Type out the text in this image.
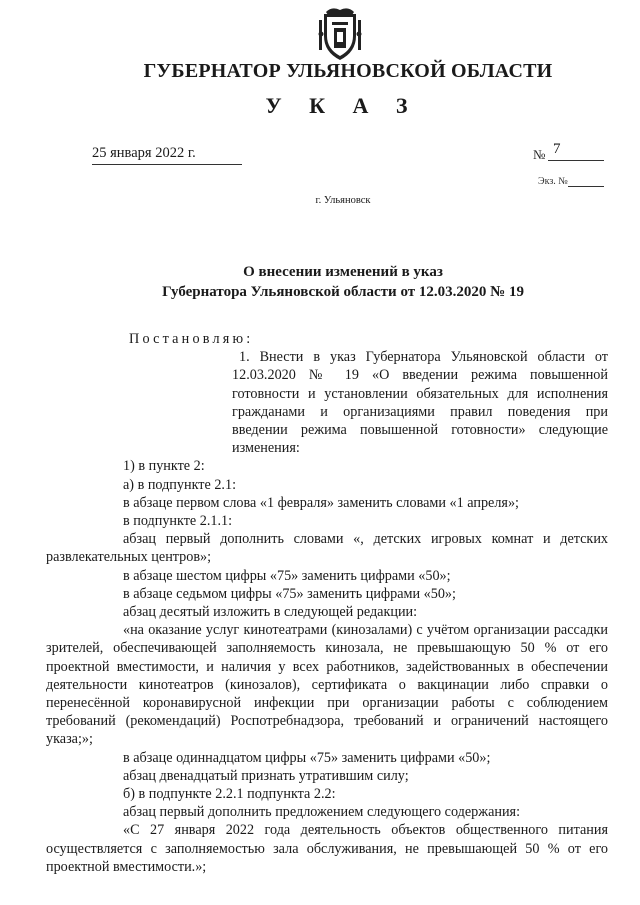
ГУБЕРНАТОР УЛЬЯНОВСКОЙ ОБЛАСТИ
У К А З
25 января 2022 г.	№ 7
Экз. №
г. Ульяновск
О внесении изменений в указ
Губернатора Ульяновской области от 12.03.2020 № 19

Постановляю:

1. Внести в указ Губернатора Ульяновской области от 12.03.2020 № 19 «О введении режима повышенной готовности и установлении обязательных для исполнения гражданами и организациями правил поведения при введении режима повышенной готовности» следующие изменения:

1) в пункте 2:

а) в подпункте 2.1:

в абзаце первом слова «1 февраля» заменить словами «1 апреля»;

в подпункте 2.1.1:

абзац первый дополнить словами «, детских игровых комнат и детских развлекательных центров»;

в абзаце шестом цифры «75» заменить цифрами «50»;

в абзаце седьмом цифры «75» заменить цифрами «50»;

абзац десятый изложить в следующей редакции:

«на оказание услуг кинотеатрами (кинозалами) с учётом организации рассадки зрителей, обеспечивающей заполняемость кинозала, не превышающую 50 % от его проектной вместимости, и наличия у всех работников, задействованных в обеспечении деятельности кинотеатров (кинозалов), сертификата о вакцинации либо справки о перенесённой коронавирусной инфекции при организации работы с соблюдением требований (рекомендаций) Роспотребнадзора, требований и ограничений настоящего указа;»;

в абзаце одиннадцатом цифры «75» заменить цифрами «50»;

абзац двенадцатый признать утратившим силу;

б) в подпункте 2.2.1 подпункта 2.2:

абзац первый дополнить предложением следующего содержания:

«С 27 января 2022 года деятельность объектов общественного питания осуществляется с заполняемостью зала обслуживания, не превышающей 50 % от его проектной вместимости.»;
